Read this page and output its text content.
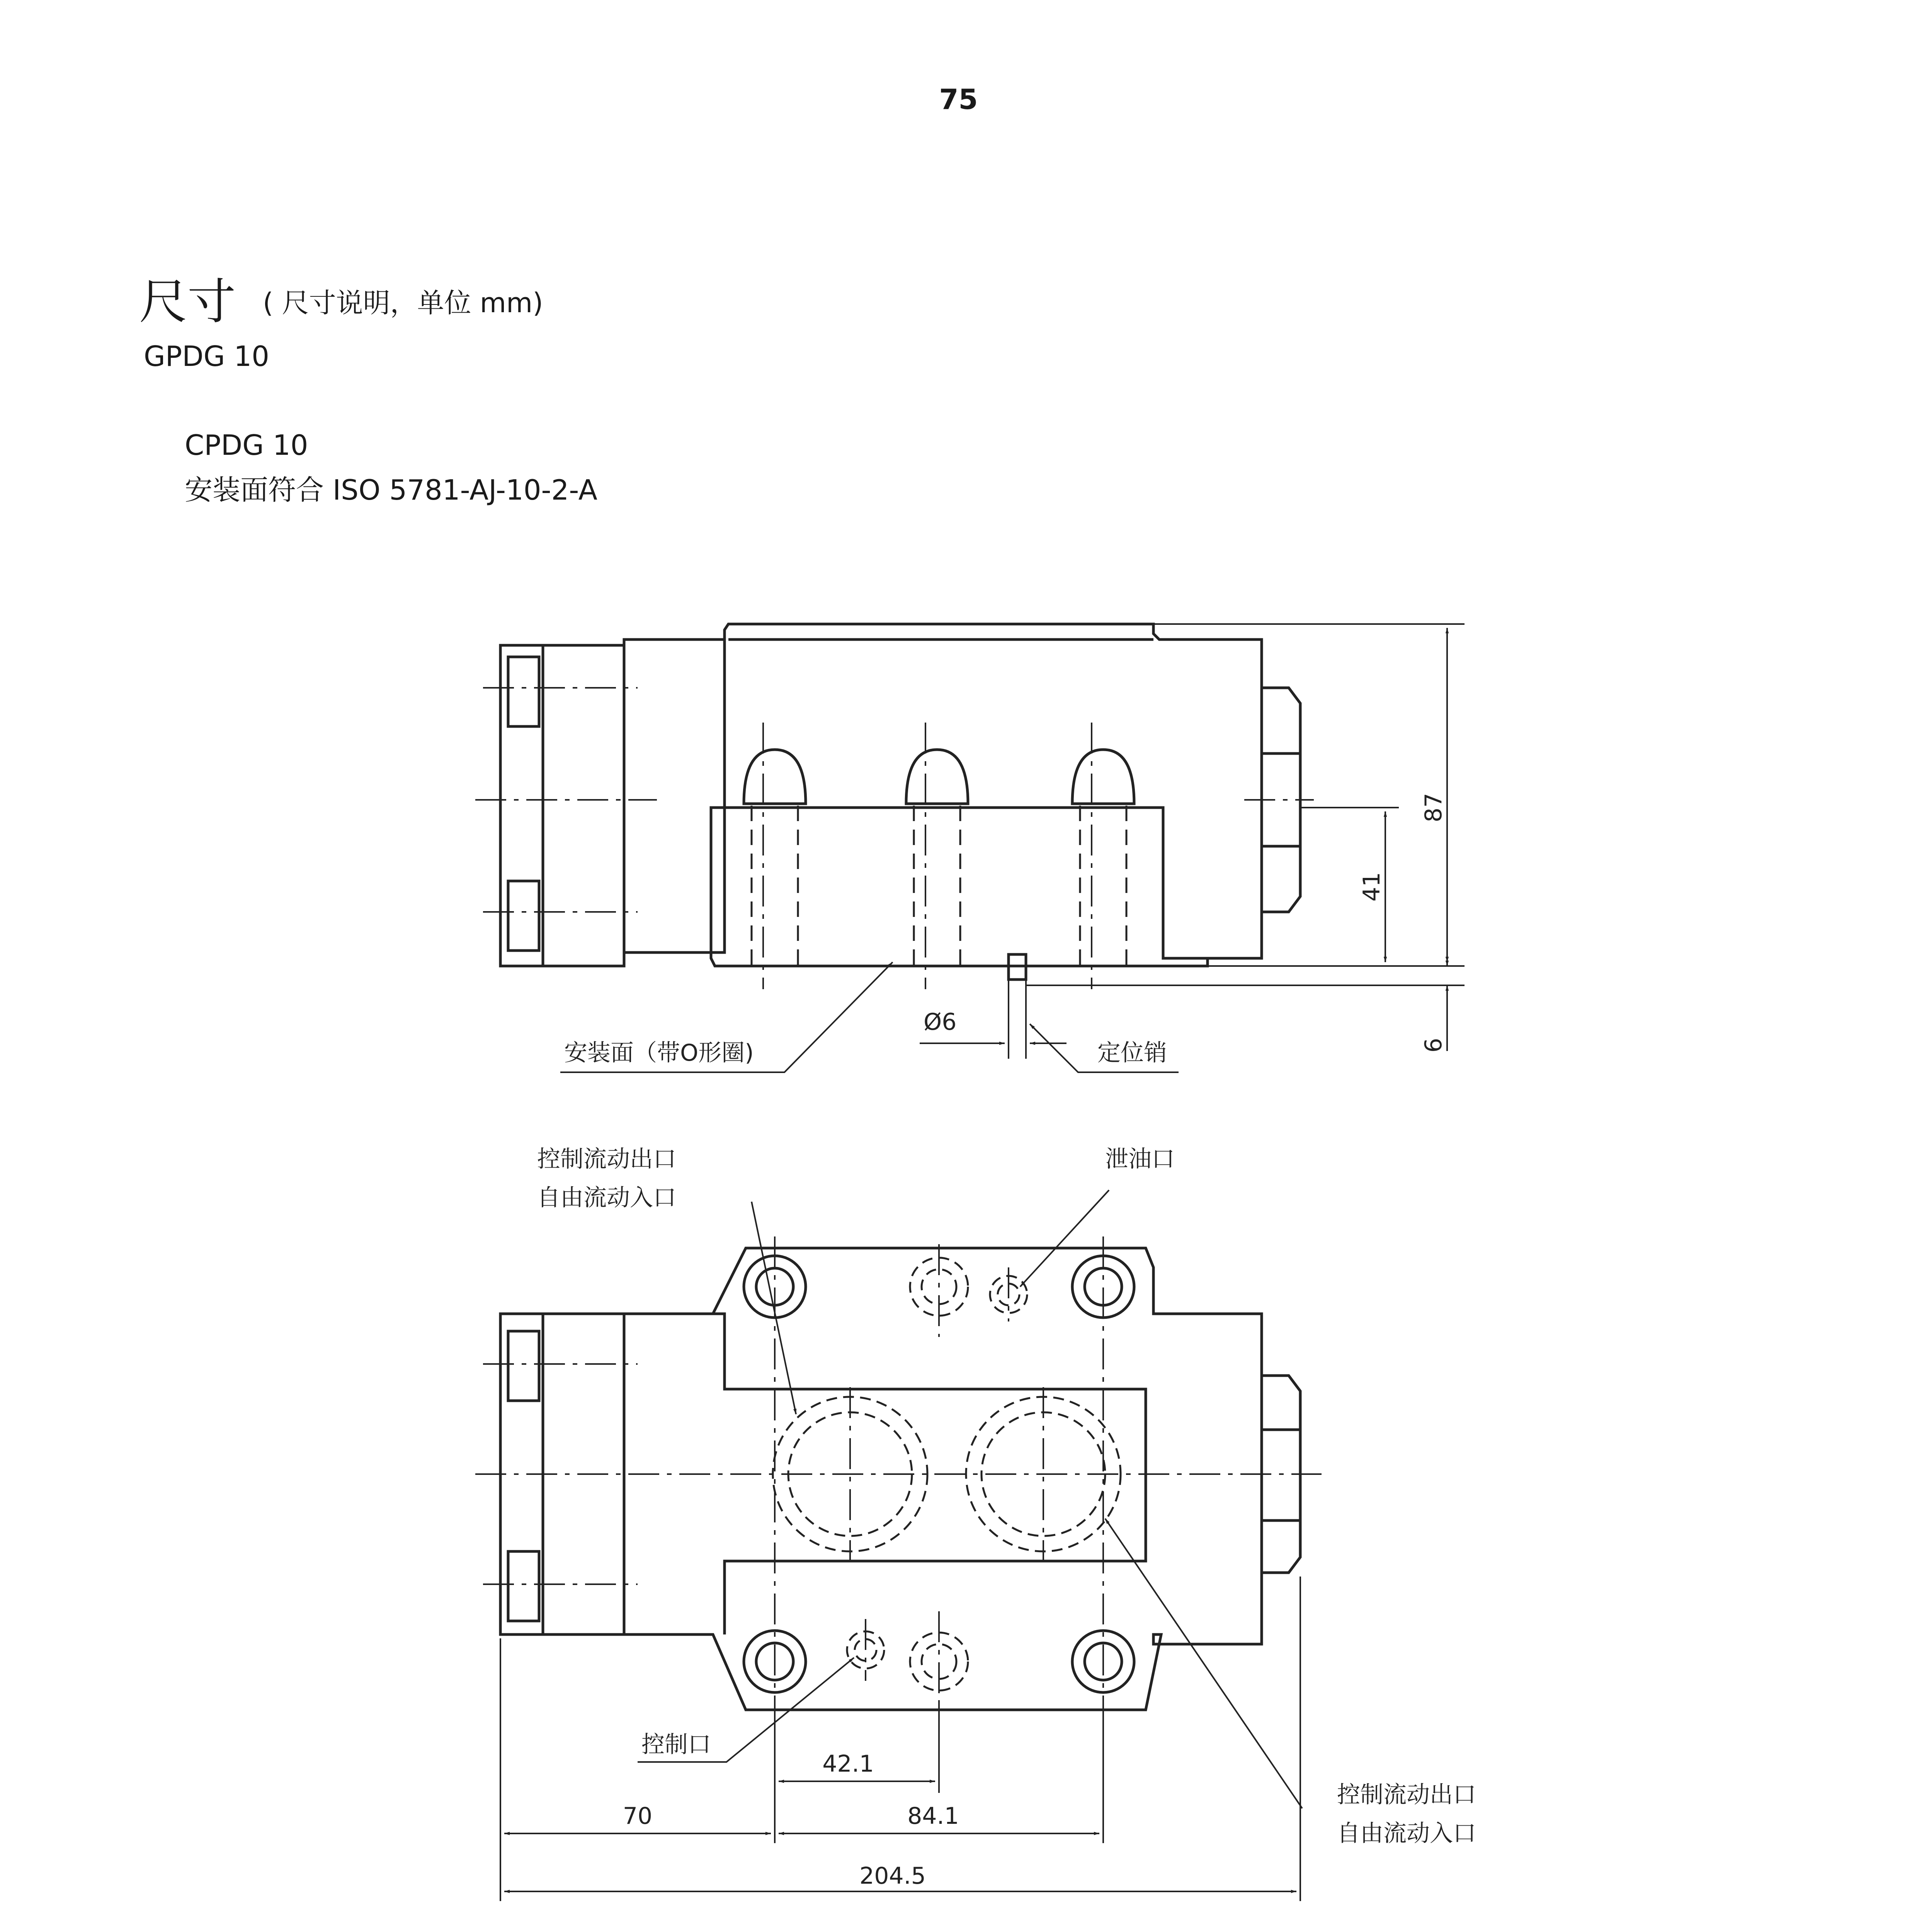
75
尺寸 ( 尺寸说明，单位 mm)
GPDG 10
CPDG 10
安装面符合 ISO 5781-AJ-10-2-A
87
41
6
Ø6
安装面（带O形圈)	定位销
控制流动出口
自由流动入口
泄油口
控制口
控制流动出口
自由流动入口
42.1
70	84.1
204.5
